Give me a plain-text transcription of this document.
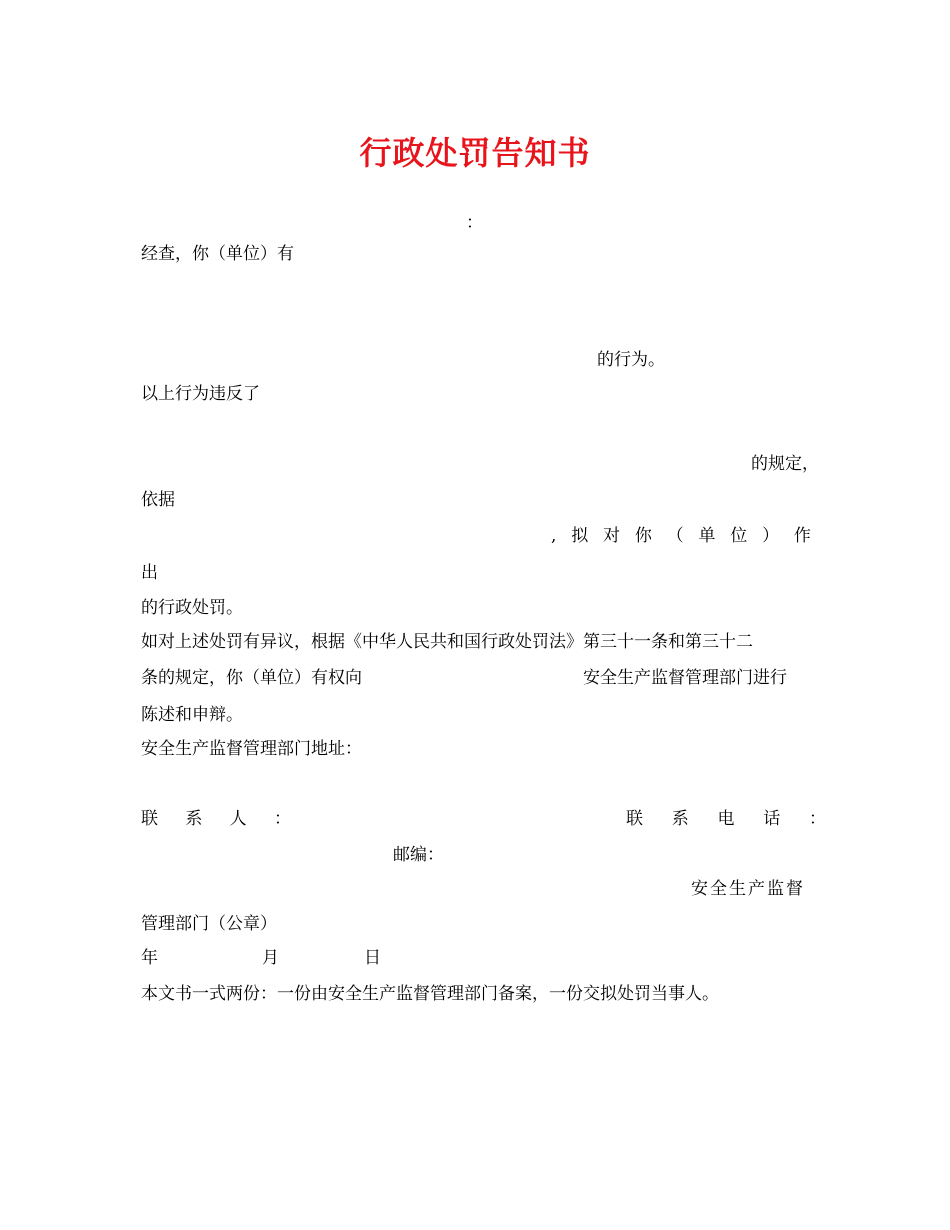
行政处罚告知书
：
经查，你（单位）有
的行为。
以上行为违反了
的规定，
依据
, 拟 对 你 （ 单 位 ） 作
出
的行政处罚。
如对上述处罚有异议，根据《中华人民共和国行政处罚法》第三十一条和第三十二
条的规定，你（单位）有权向	安全生产监督管理部门进行
陈述和申辩。
安全生产监督管理部门地址：
联 系 人 ：	联 系 电 话 ：
邮编：
安全生产监督
管理部门（公章）
年	月	日
本文书一式两份：一份由安全生产监督管理部门备案，一份交拟处罚当事人。
